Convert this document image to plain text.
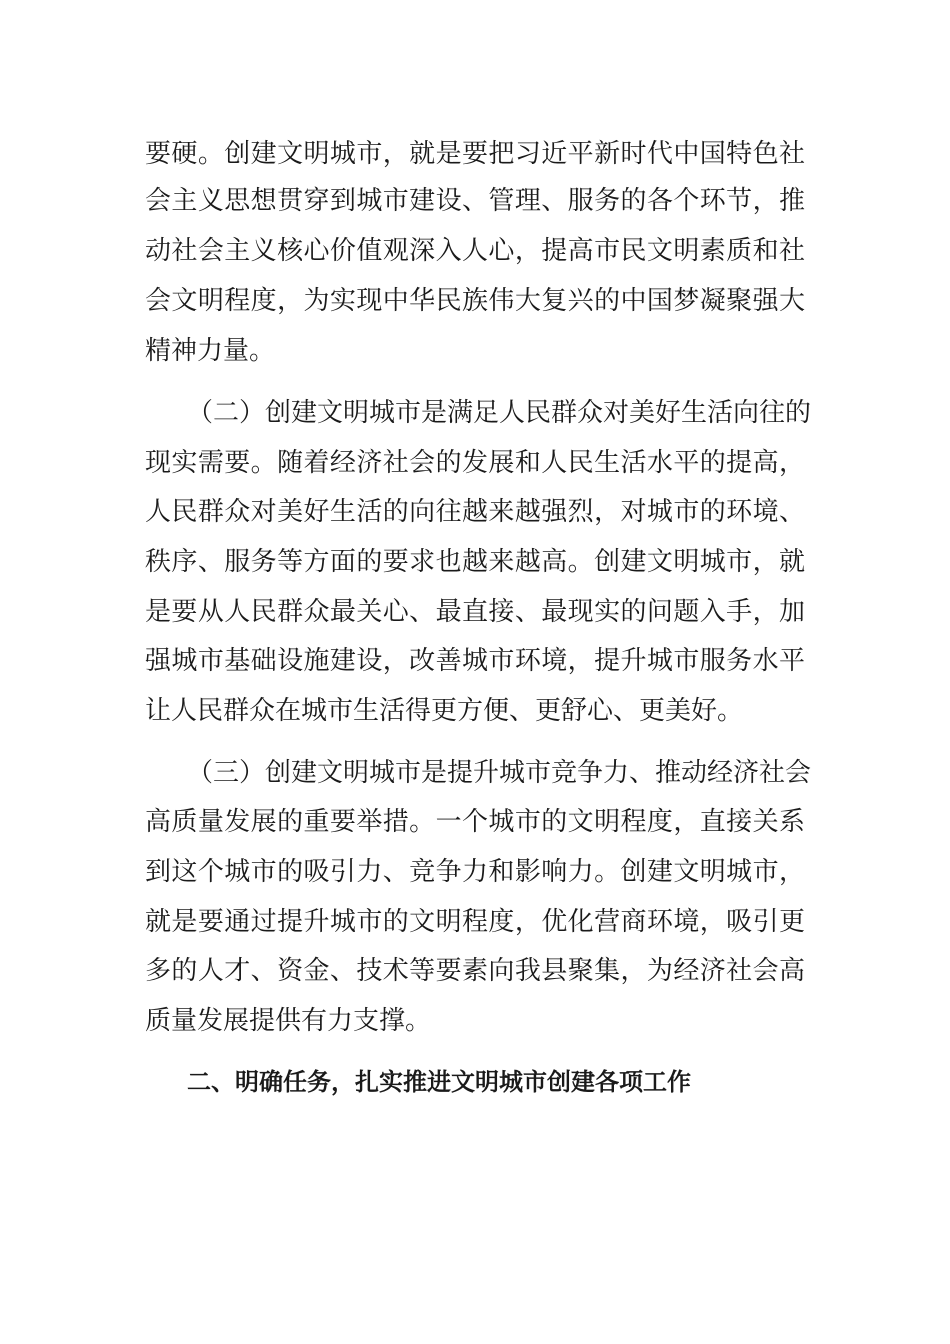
要硬。创建文明城市，就是要把习近平新时代中国特色社
会主义思想贯穿到城市建设、管理、服务的各个环节，推
动社会主义核心价值观深入人心，提高市民文明素质和社
会文明程度，为实现中华民族伟大复兴的中国梦凝聚强大
精神力量。
（二）创建文明城市是满足人民群众对美好生活向往的
现实需要。随着经济社会的发展和人民生活水平的提高，
人民群众对美好生活的向往越来越强烈，对城市的环境、
秩序、服务等方面的要求也越来越高。创建文明城市，就
是要从人民群众最关心、最直接、最现实的问题入手，加
强城市基础设施建设，改善城市环境，提升城市服务水平
让人民群众在城市生活得更方便、更舒心、更美好。
（三）创建文明城市是提升城市竞争力、推动经济社会
高质量发展的重要举措。一个城市的文明程度，直接关系
到这个城市的吸引力、竞争力和影响力。创建文明城市，
就是要通过提升城市的文明程度，优化营商环境，吸引更
多的人才、资金、技术等要素向我县聚集，为经济社会高
质量发展提供有力支撑。
二、明确任务，扎实推进文明城市创建各项工作
